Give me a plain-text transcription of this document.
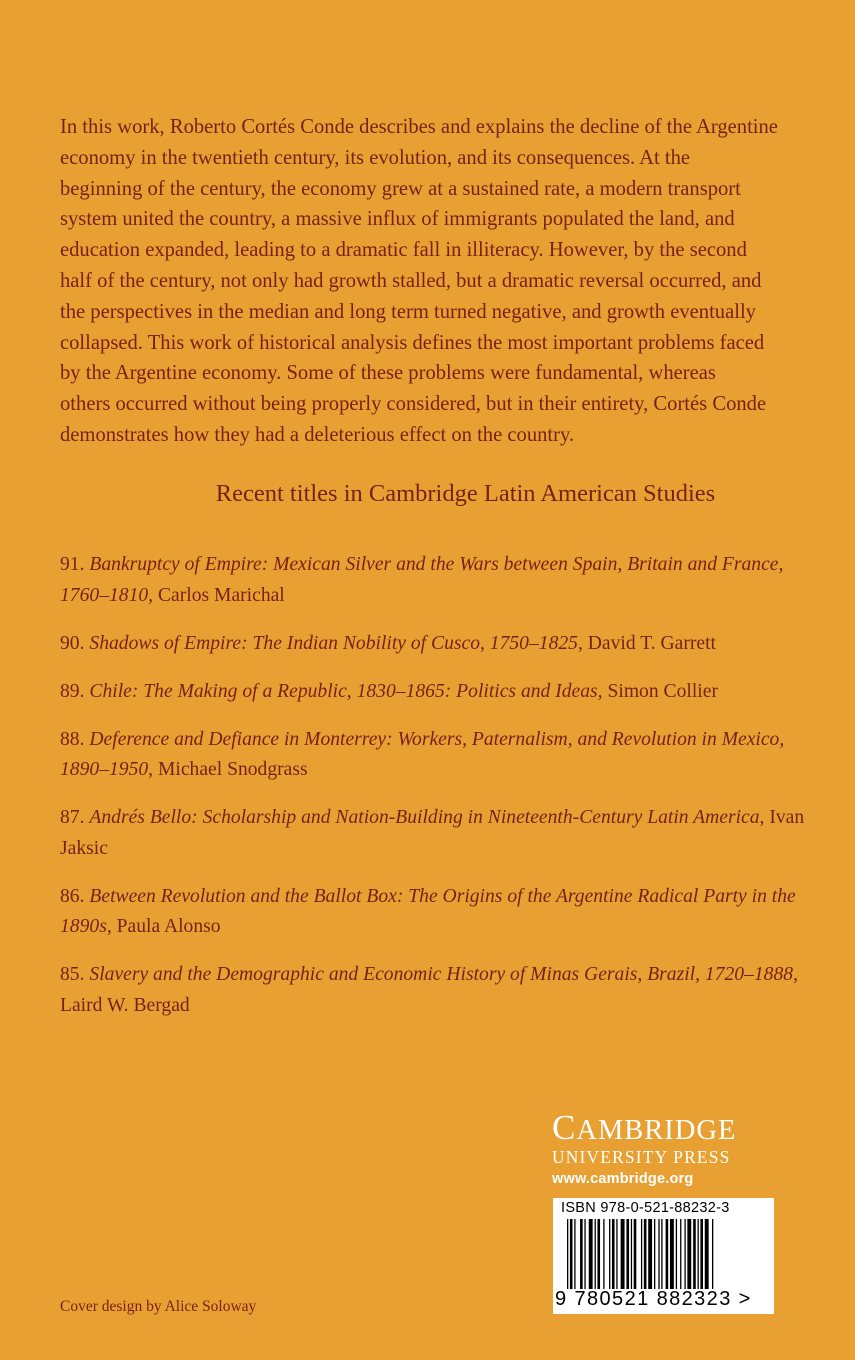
In this work, Roberto Cortés Conde describes and explains the decline of the Argentine
economy in the twentieth century, its evolution, and its consequences. At the
beginning of the century, the economy grew at a sustained rate, a modern transport
system united the country, a massive influx of immigrants populated the land, and
education expanded, leading to a dramatic fall in illiteracy. However, by the second
half of the century, not only had growth stalled, but a dramatic reversal occurred, and
the perspectives in the median and long term turned negative, and growth eventually
collapsed. This work of historical analysis defines the most important problems faced
by the Argentine economy. Some of these problems were fundamental, whereas
others occurred without being properly considered, but in their entirety, Cortés Conde
demonstrates how they had a deleterious effect on the country.
Recent titles in Cambridge Latin American Studies
91. Bankruptcy of Empire: Mexican Silver and the Wars between Spain, Britain and France,
1760–1810, Carlos Marichal
90. Shadows of Empire: The Indian Nobility of Cusco, 1750–1825, David T. Garrett
89. Chile: The Making of a Republic, 1830–1865: Politics and Ideas, Simon Collier
88. Deference and Defiance in Monterrey: Workers, Paternalism, and Revolution in Mexico,
1890–1950, Michael Snodgrass
87. Andrés Bello: Scholarship and Nation-Building in Nineteenth-Century Latin America, Ivan
Jaksic
86. Between Revolution and the Ballot Box: The Origins of the Argentine Radical Party in the
1890s, Paula Alonso
85. Slavery and the Demographic and Economic History of Minas Gerais, Brazil, 1720–1888,
Laird W. Bergad
CAMBRIDGE
UNIVERSITY PRESS
www.cambridge.org
ISBN 978-0-521-88232-3
9 780521 882323 >
Cover design by Alice Soloway
